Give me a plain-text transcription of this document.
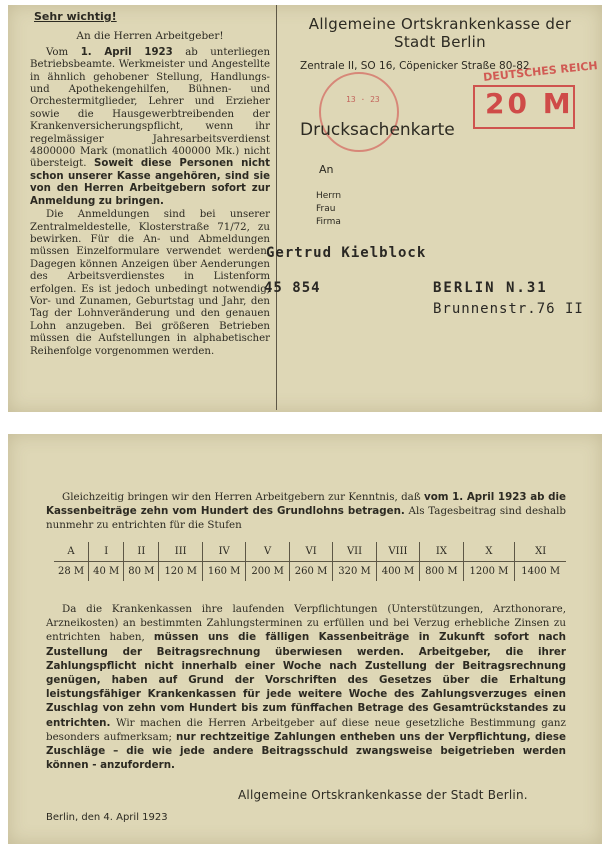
Sehr wichtig!
An die Herren Arbeitgeber!

Vom 1. April 1923 ab unterliegen Betriebsbeamte. Werkmeister und Angestellte in ähnlich gehobener Stellung, Handlungs- und Apothekengehilfen, Bühnen- und Orchestermitglieder, Lehrer und Erzieher sowie die Hausgewerbtreibenden der Krankenversicherungspflicht, wenn ihr regelmässiger Jahresarbeitsverdienst 4800000 Mark (monatlich 400000 Mk.) nicht übersteigt. Soweit diese Personen nicht schon unserer Kasse angehören, sind sie von den Herren Arbeitgebern sofort zur Anmeldung zu bringen.

Die Anmeldungen sind bei unserer Zentralmeldestelle, Klosterstraße 71/72, zu bewirken. Für die An- und Abmeldungen müssen Einzelformulare verwendet werden. Dagegen können Anzeigen über Aenderungen des Arbeitsverdienstes in Listenform erfolgen. Es ist jedoch unbedingt notwendig, Vor- und Zunamen, Geburtstag und Jahr, den Tag der Lohnveränderung und den genauen Lohn anzugeben. Bei größeren Betrieben müssen die Aufstellungen in alphabetischer Reihenfolge vorgenommen werden.

Allgemeine Ortskrankenkasse der
Stadt Berlin
Zentrale II, SO 16, Cöpenicker Straße 80-82
13 · 23
DEUTSCHES REICH
20 M
Drucksachenkarte
An
Herrn
Frau
Firma
Gertrud Kielblock
45 854	BERLIN N.31
Brunnenstr.76 II

Gleichzeitig bringen wir den Herren Arbeitgebern zur Kenntnis, daß vom 1. April 1923 ab die Kassenbeiträge zehn vom Hundert des Grundlohns betragen. Als Tagesbeitrag sind deshalb nunmehr zu entrichten für die Stufen

A	I	II	III	IV	V	VI	VII	VIII	IX	X	XI
28 M	40 M	80 M	120 M	160 M	200 M	260 M	320 M	400 M	800 M	1200 M	1400 M

Da die Krankenkassen ihre laufenden Verpflichtungen (Unterstützungen, Arzthonorare, Arzneikosten) an bestimmten Zahlungsterminen zu erfüllen und bei Verzug erhebliche Zinsen zu entrichten haben, müssen uns die fälligen Kassenbeiträge in Zukunft sofort nach Zustellung der Beitragsrechnung überwiesen werden. Arbeitgeber, die ihrer Zahlungspflicht nicht innerhalb einer Woche nach Zustellung der Beitragsrechnung genügen, haben auf Grund der Vorschriften des Gesetzes über die Erhaltung leistungsfähiger Krankenkassen für jede weitere Woche des Zahlungsverzuges einen Zuschlag von zehn vom Hundert bis zum fünffachen Betrage des Gesamtrückstandes zu entrichten. Wir machen die Herren Arbeitgeber auf diese neue gesetzliche Bestimmung ganz besonders aufmerksam; nur rechtzeitige Zahlungen entheben uns der Verpflichtung, diese Zuschläge – die wie jede andere Beitragsschuld zwangsweise beigetrieben werden können - anzufordern.

Allgemeine Ortskrankenkasse der Stadt Berlin.
Berlin, den 4. April 1923
